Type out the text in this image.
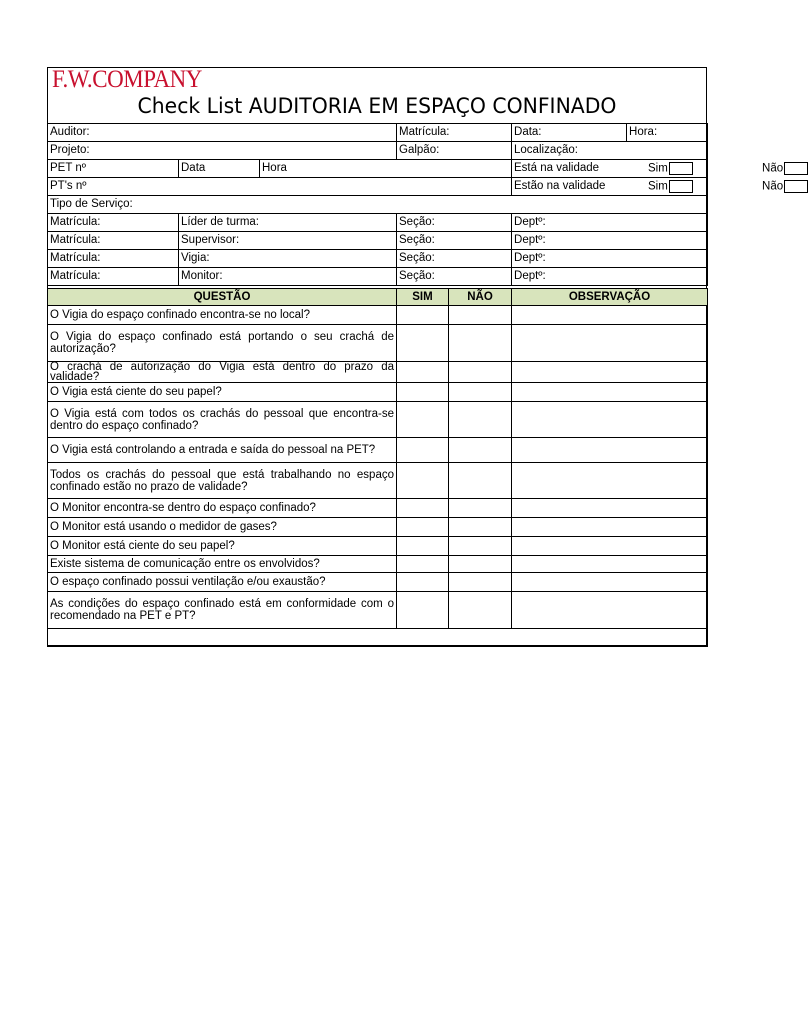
F.W.COMPANY
Check List AUDITORIA EM ESPAÇO CONFINADO
Auditor:			Matrícula:	Data:	Hora:
Projeto:			Galpão:	Localização:	
PET nº	Data	Hora		Está na validade Sim Não	

PT's nº				Estão na validade Sim Não	

Tipo de Serviço:					
Matrícula:	Líder de turma:		Seção:	Deptº:	
Matrícula:	Supervisor:		Seção:	Deptº:	
Matrícula:	Vigia:		Seção:	Deptº:	
Matrícula:	Monitor:		Seção:	Deptº:	
QUESTÃO	SIM	NÃO	OBSERVAÇÃO
O Vigia do espaço confinado encontra-se no local?			
O Vigia do espaço confinado está portando o seu crachá de autorização?			
O crachá de autorização do Vigia está dentro do prazo da validade?			
O Vigia está ciente do seu papel?			
O Vigia está com todos os crachás do pessoal que encontra-se dentro do espaço confinado?			
O Vigia está controlando a entrada e saída do pessoal na PET?			
Todos os crachás do pessoal que está trabalhando no espaço confinado estão no prazo de validade?			
O Monitor encontra-se dentro do espaço confinado?			
O Monitor está usando o medidor de gases?			
O Monitor está ciente do seu papel?			
Existe sistema de comunicação entre os envolvidos?			
O espaço confinado possui ventilação e/ou exaustão?			
As condições do espaço confinado está em conformidade com o recomendado na PET e PT?			
